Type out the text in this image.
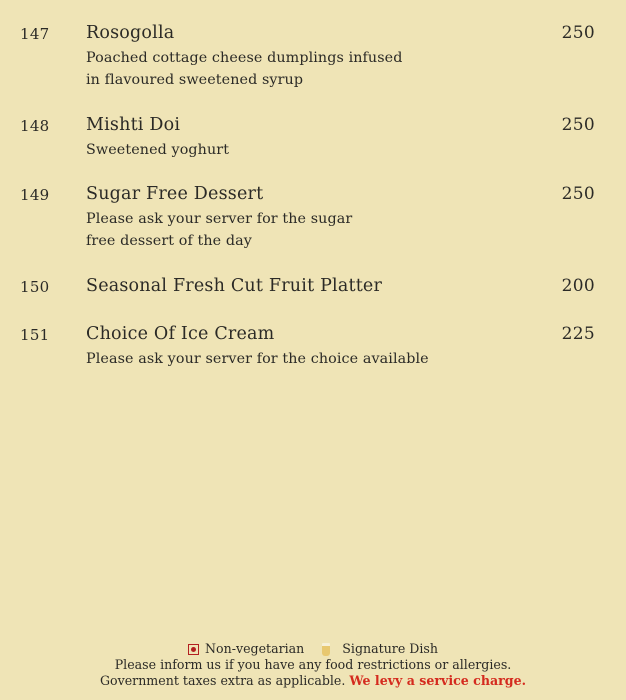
147 Rosogolla	250
Poached cottage cheese dumplings infused
in flavoured sweetened syrup
148 Mishti Doi	250
Sweetened yoghurt
149 Sugar Free Dessert	250
Please ask your server for the sugar
free dessert of the day
150 Seasonal Fresh Cut Fruit Platter	200
151 Choice Of Ice Cream	225
Please ask your server for the choice available
Non-vegetarian	Signature Dish
Please inform us if you have any food restrictions or allergies.
Government taxes extra as applicable. We levy a service charge.
